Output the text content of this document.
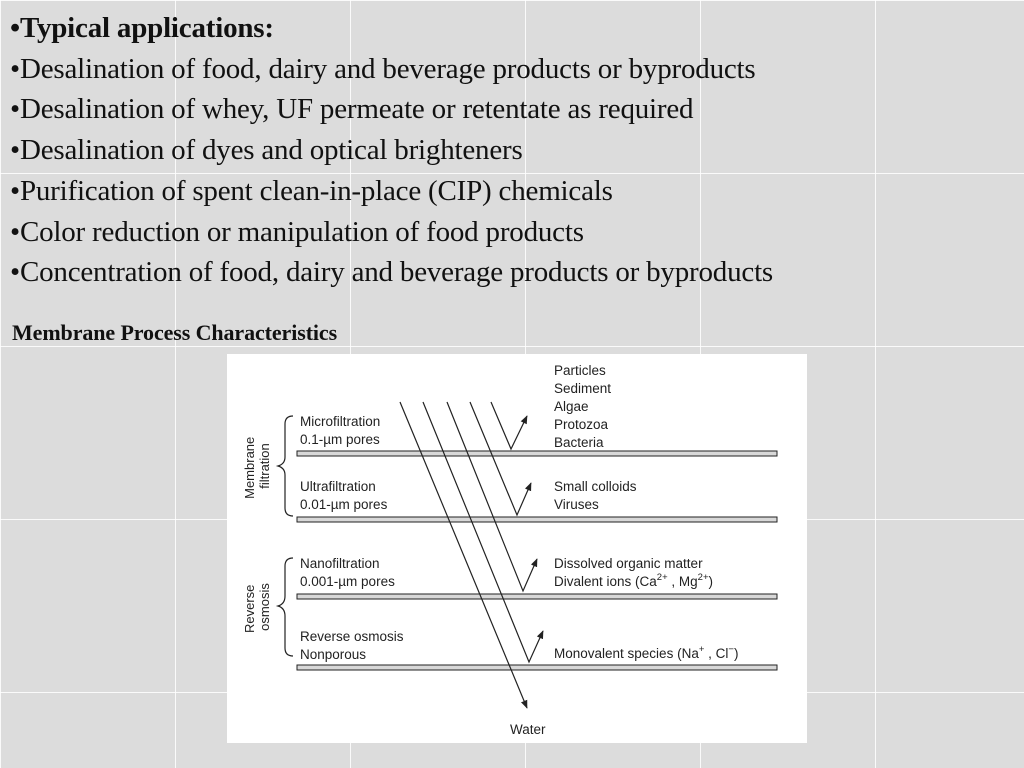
• Typical applications:
• Desalination of food, dairy and beverage products or byproducts
• Desalination of whey, UF permeate or retentate as required
• Desalination of dyes and optical brighteners
• Purification of spent clean-in-place (CIP) chemicals
• Color reduction or manipulation of food products
• Concentration of food, dairy and beverage products or byproducts
Membrane Process Characteristics
Membrane filtration
Reverse osmosis
Microfiltration 0.1-µm pores
Ultrafiltration 0.01-µm pores
Nanofiltration 0.001-µm pores
Reverse osmosis Nonporous
Particles Sediment Algae Protozoa Bacteria
Small colloids Viruses
Dissolved organic matter
Divalent ions ($Ca^{2+}$ , $Mg^{2+}$)
Monovalent species (Na+ , Cl−)
Water
